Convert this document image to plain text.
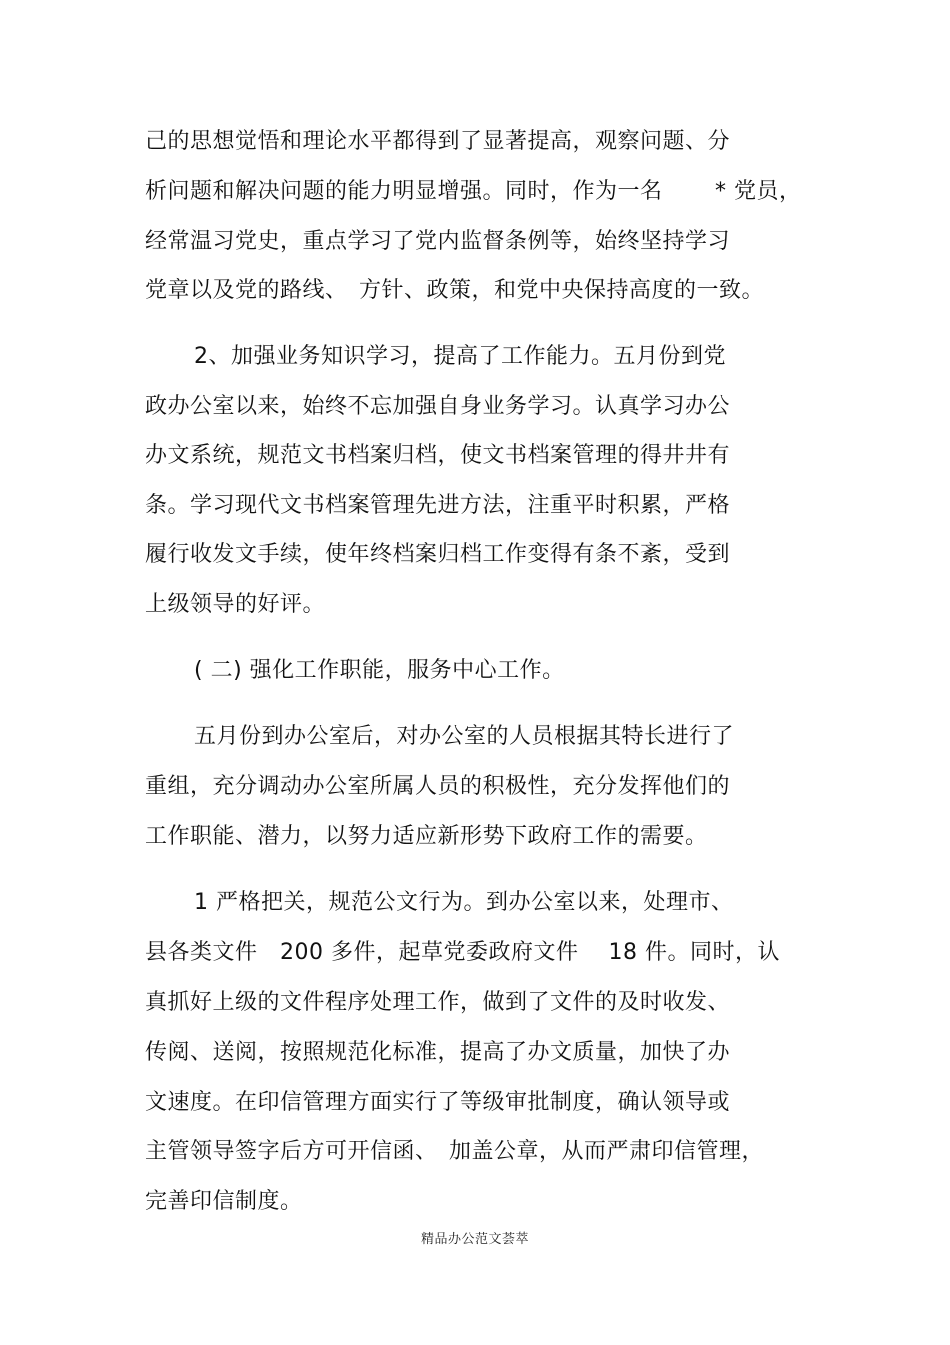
己的思想觉悟和理论水平都得到了显著提高，观察问题、分
析问题和解决问题的能力明显增强。同时，作为一名　　 * 党员，
经常温习党史，重点学习了党内监督条例等，始终坚持学习
党章以及党的路线、　方针、政策，和党中央保持高度的一致。
2、加强业务知识学习，提高了工作能力。五月份到党
政办公室以来，始终不忘加强自身业务学习。认真学习办公
办文系统，规范文书档案归档，使文书档案管理的得井井有
条。学习现代文书档案管理先进方法，注重平时积累，严格
履行收发文手续，使年终档案归档工作变得有条不紊，受到
上级领导的好评。
( 二) 强化工作职能，服务中心工作。
五月份到办公室后，对办公室的人员根据其特长进行了
重组，充分调动办公室所属人员的积极性，充分发挥他们的
工作职能、潜力，以努力适应新形势下政府工作的需要。
1 严格把关，规范公文行为。到办公室以来，处理市、
县各类文件　200 多件，起草党委政府文件　 18 件。同时，认
真抓好上级的文件程序处理工作，做到了文件的及时收发、
传阅、送阅，按照规范化标准，提高了办文质量，加快了办
文速度。在印信管理方面实行了等级审批制度，确认领导或
主管领导签字后方可开信函、　加盖公章，从而严肃印信管理，
完善印信制度。
精品办公范文荟萃
